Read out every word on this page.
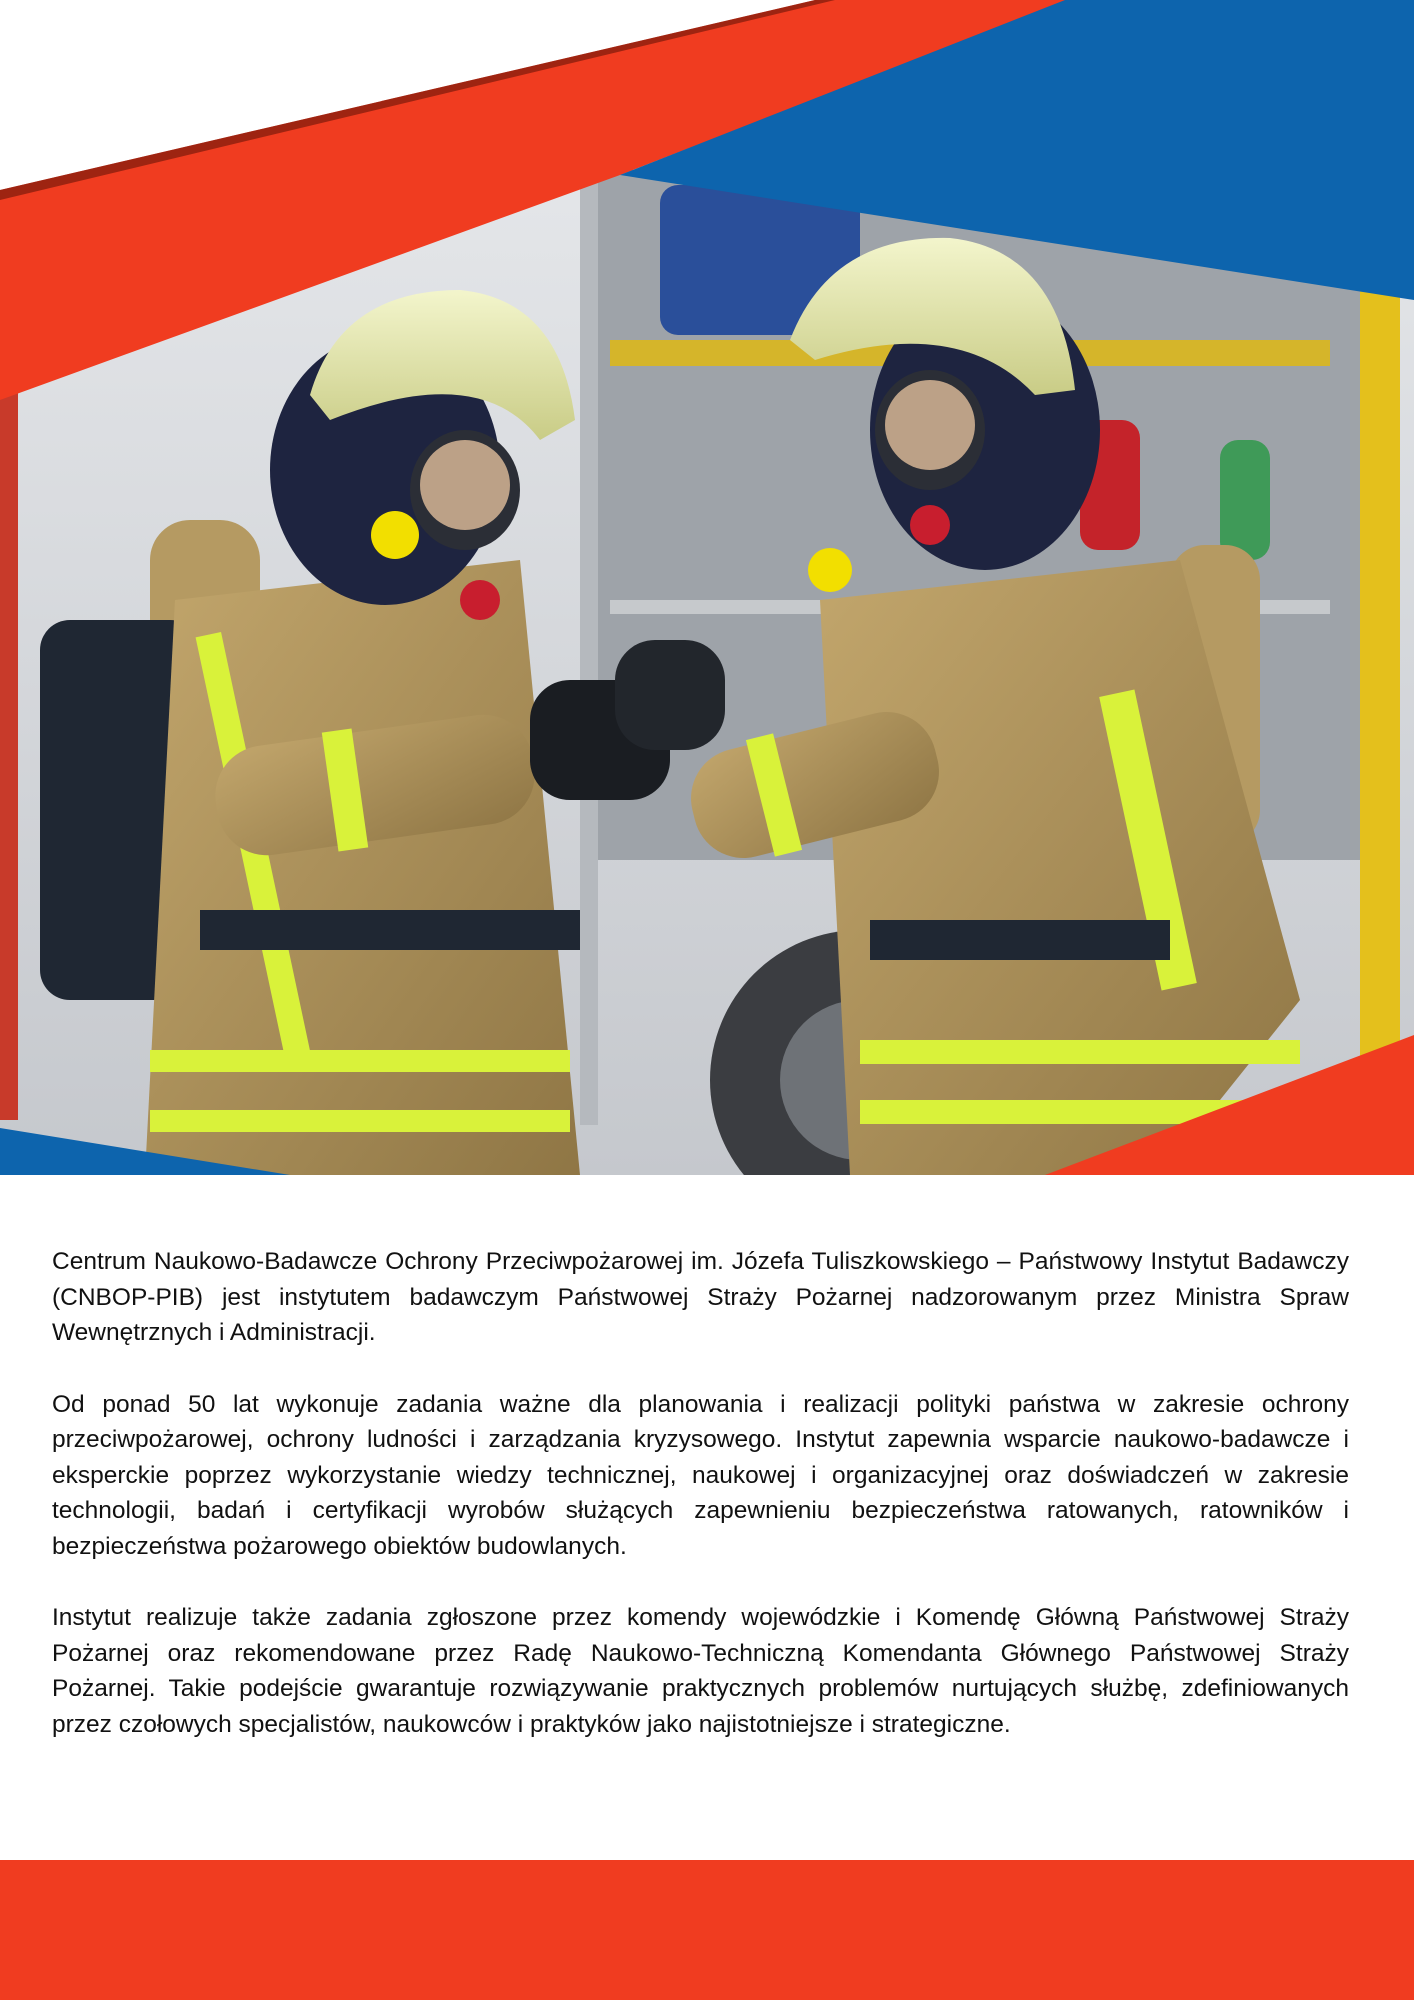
Centrum Naukowo-Badawcze Ochrony Przeciwpożarowej im. Józefa Tuliszkowskiego – Państwowy Instytut Badawczy (CNBOP-PIB) jest instytutem badawczym Państwowej Straży Pożarnej nadzorowanym przez Ministra Spraw Wewnętrznych i Administracji.

Od ponad 50 lat wykonuje zadania ważne dla planowania i realizacji polityki państwa w zakresie ochrony przeciwpożarowej, ochrony ludności i zarządzania kryzysowego. Instytut zapewnia wsparcie naukowo-badawcze i eksperckie poprzez wykorzystanie wiedzy technicznej, naukowej i organizacyjnej oraz doświadczeń w zakresie technologii, badań i certyfikacji wyrobów służących zapewnieniu bezpieczeństwa ratowanych, ratowników i bezpieczeństwa pożarowego obiektów budowlanych.

Instytut realizuje także zadania zgłoszone przez komendy wojewódzkie i Komendę Główną Państwowej Straży Pożarnej oraz rekomendowane przez Radę Naukowo-Techniczną Komendanta Głównego Państwowej Straży Pożarnej. Takie podejście gwarantuje rozwiązywanie praktycznych problemów nurtujących służbę, zdefiniowanych przez czołowych specjalistów, naukowców i praktyków jako najistotniejsze i strategiczne.
